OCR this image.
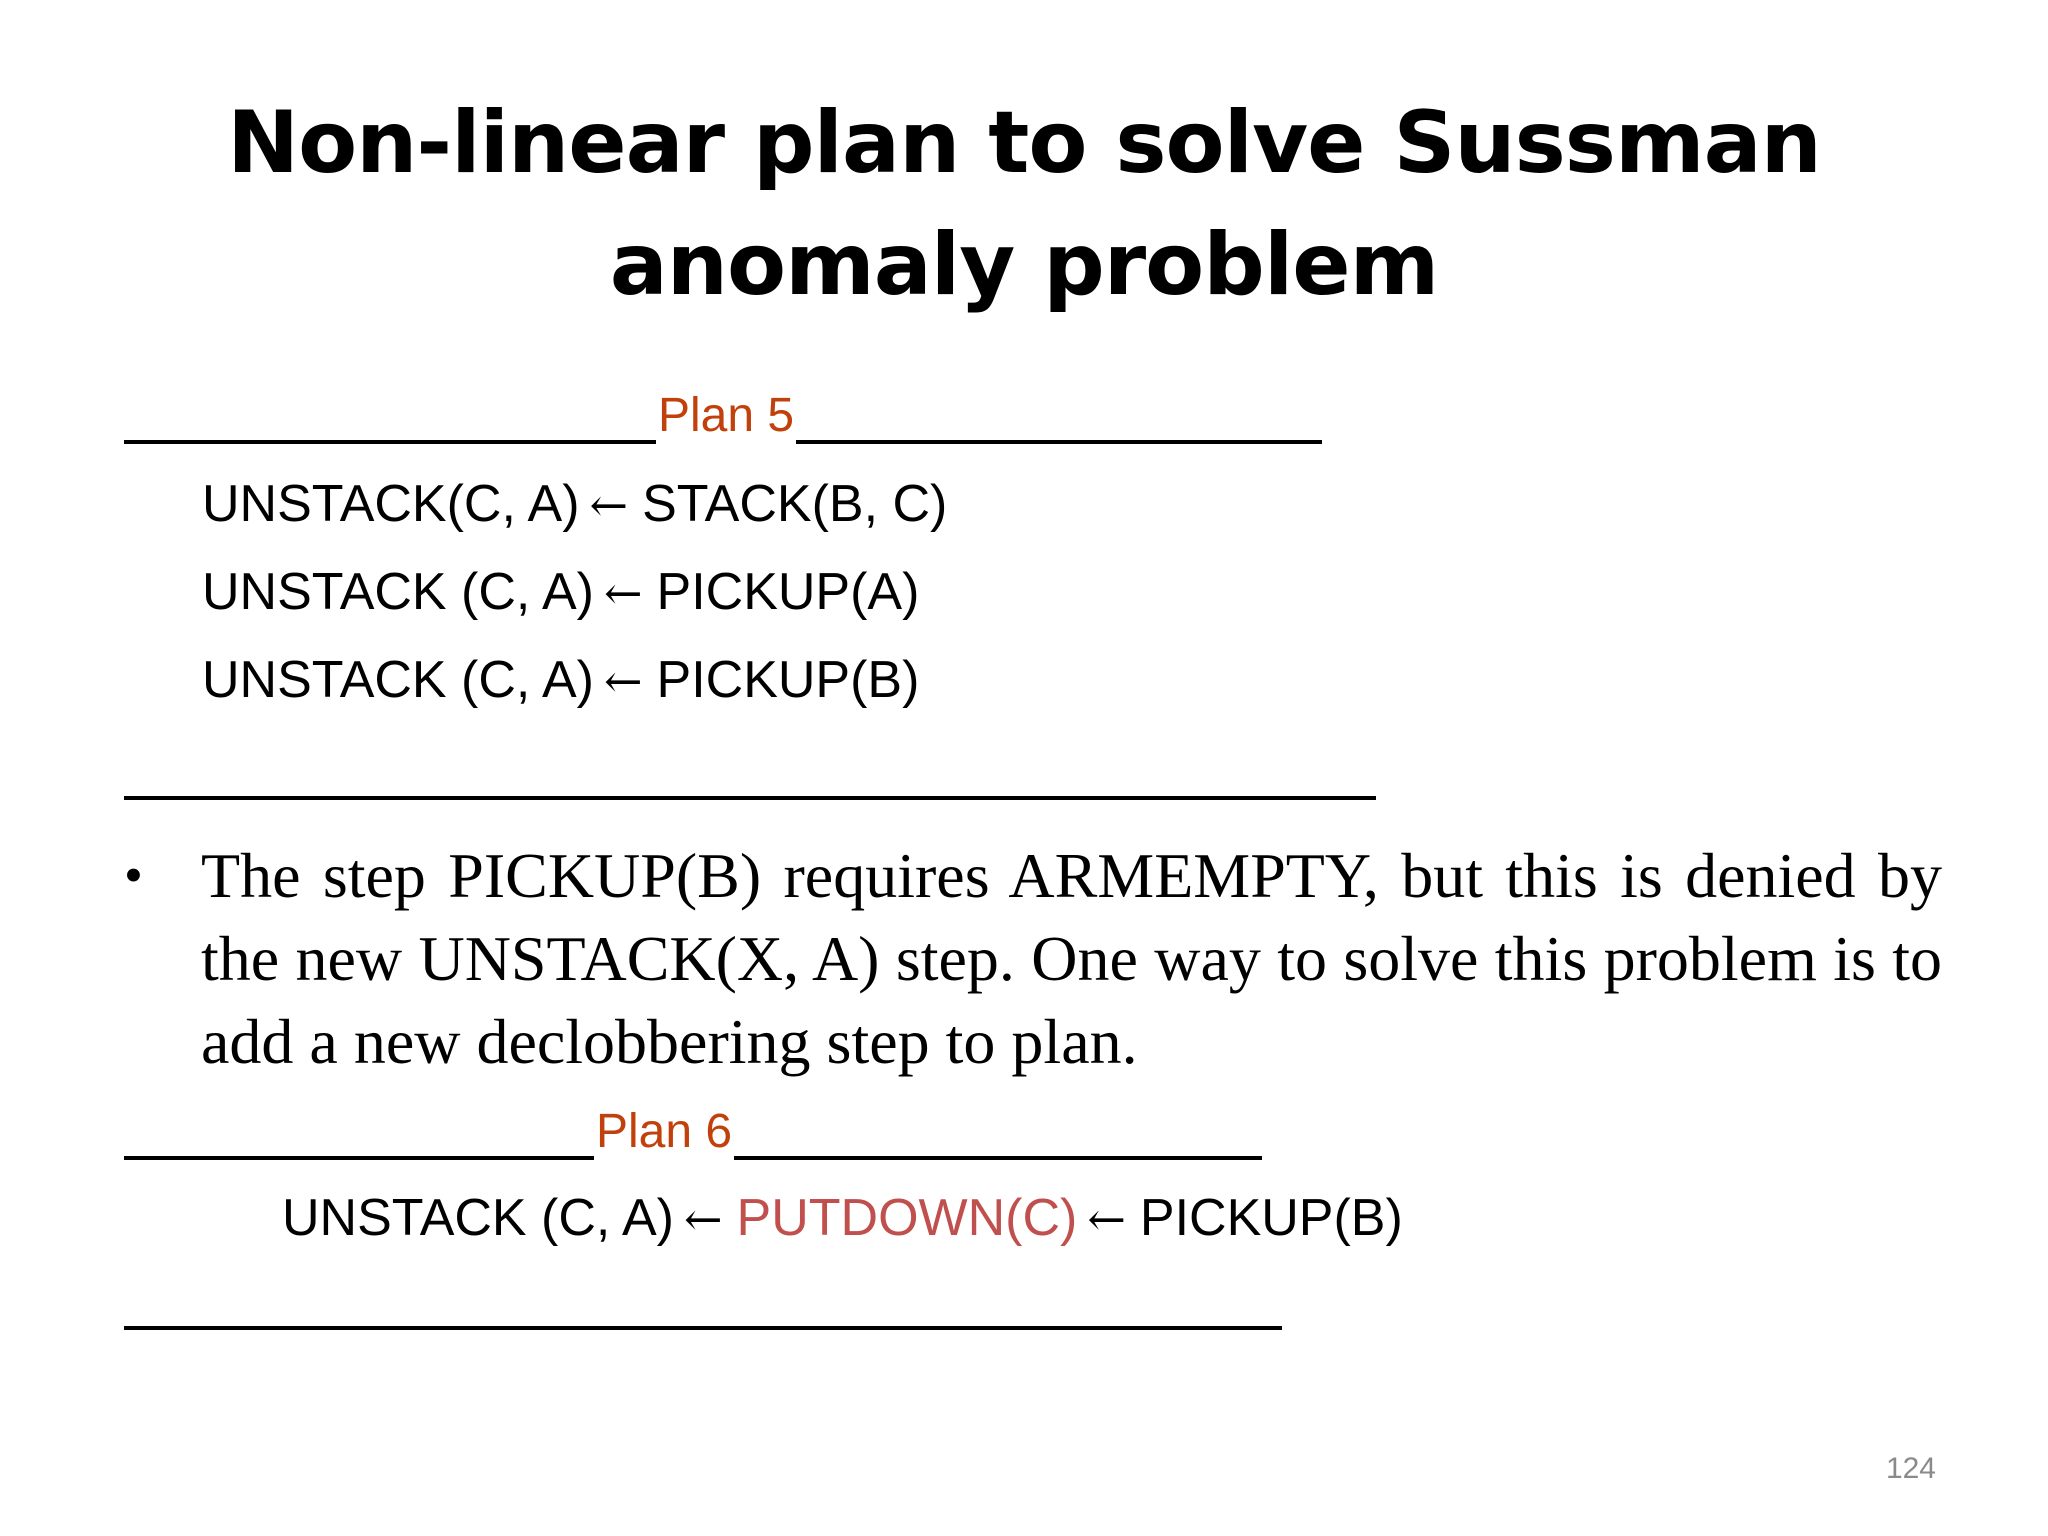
Non-linear plan to solve Sussman
anomaly problem
Plan 5
UNSTACK(C, A) ← STACK(B, C)
UNSTACK (C, A) ← PICKUP(A)
UNSTACK (C, A) ← PICKUP(B)
• The step PICKUP(B) requires ARMEMPTY, but this is denied by the new UNSTACK(X, A) step. One way to solve this problem is to add a new declobbering step to plan.
Plan 6
UNSTACK (C, A) ← PUTDOWN(C) ← PICKUP(B)
124
